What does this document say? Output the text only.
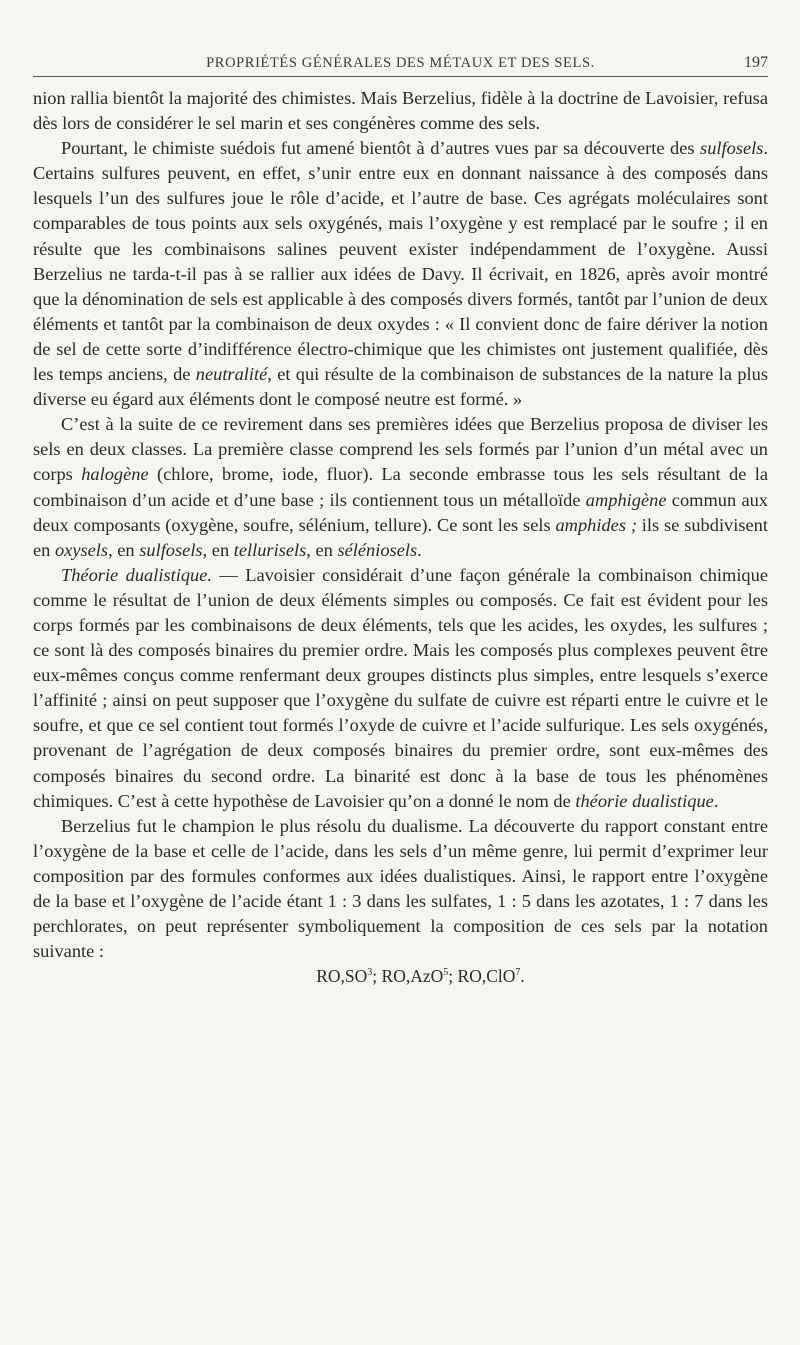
PROPRIÉTÉS GÉNÉRALES DES MÉTAUX ET DES SELS.	197

nion rallia bientôt la majorité des chimistes. Mais Berzelius, fidèle à la doctrine de Lavoisier, refusa dès lors de considérer le sel marin et ses congénères comme des sels.

Pourtant, le chimiste suédois fut amené bientôt à d’autres vues par sa découverte des sulfosels. Certains sulfures peuvent, en effet, s’unir entre eux en donnant naissance à des composés dans lesquels l’un des sulfures joue le rôle d’acide, et l’autre de base. Ces agrégats moléculaires sont comparables de tous points aux sels oxygénés, mais l’oxygène y est remplacé par le soufre ; il en résulte que les combinaisons salines peuvent exister indépendamment de l’oxygène. Aussi Berzelius ne tarda-t-il pas à se rallier aux idées de Davy. Il écrivait, en 1826, après avoir montré que la dénomination de sels est applicable à des composés divers formés, tantôt par l’union de deux éléments et tantôt par la combinaison de deux oxydes : « Il convient donc de faire dériver la notion de sel de cette sorte d’indifférence électro-chimique que les chimistes ont justement qualifiée, dès les temps anciens, de neutralité, et qui résulte de la combinaison de substances de la nature la plus diverse eu égard aux éléments dont le composé neutre est formé. »

C’est à la suite de ce revirement dans ses premières idées que Berzelius proposa de diviser les sels en deux classes. La première classe comprend les sels formés par l’union d’un métal avec un corps halogène (chlore, brome, iode, fluor). La seconde embrasse tous les sels résultant de la combinaison d’un acide et d’une base ; ils contiennent tous un métalloïde amphigène commun aux deux composants (oxygène, soufre, sélénium, tellure). Ce sont les sels amphides ; ils se subdivisent en oxysels, en sulfosels, en tellurisels, en séléniosels.

Théorie dualistique. — Lavoisier considérait d’une façon générale la combinaison chimique comme le résultat de l’union de deux éléments simples ou composés. Ce fait est évident pour les corps formés par les combinaisons de deux éléments, tels que les acides, les oxydes, les sulfures ; ce sont là des composés binaires du premier ordre. Mais les composés plus complexes peuvent être eux-mêmes conçus comme renfermant deux groupes distincts plus simples, entre lesquels s’exerce l’affinité ; ainsi on peut supposer que l’oxygène du sulfate de cuivre est réparti entre le cuivre et le soufre, et que ce sel contient tout formés l’oxyde de cuivre et l’acide sulfurique. Les sels oxygénés, provenant de l’agrégation de deux composés binaires du premier ordre, sont eux-mêmes des composés binaires du second ordre. La binarité est donc à la base de tous les phénomènes chimiques. C’est à cette hypothèse de Lavoisier qu’on a donné le nom de théorie dualistique.

Berzelius fut le champion le plus résolu du dualisme. La découverte du rapport constant entre l’oxygène de la base et celle de l’acide, dans les sels d’un même genre, lui permit d’exprimer leur composition par des formules conformes aux idées dualistiques. Ainsi, le rapport entre l’oxygène de la base et l’oxygène de l’acide étant 1 : 3 dans les sulfates, 1 : 5 dans les azotates, 1 : 7 dans les perchlorates, on peut représenter symboliquement la composition de ces sels par la notation suivante :

$RO,SO^3$; RO,AzO$^5$; RO,ClO$^7$.
